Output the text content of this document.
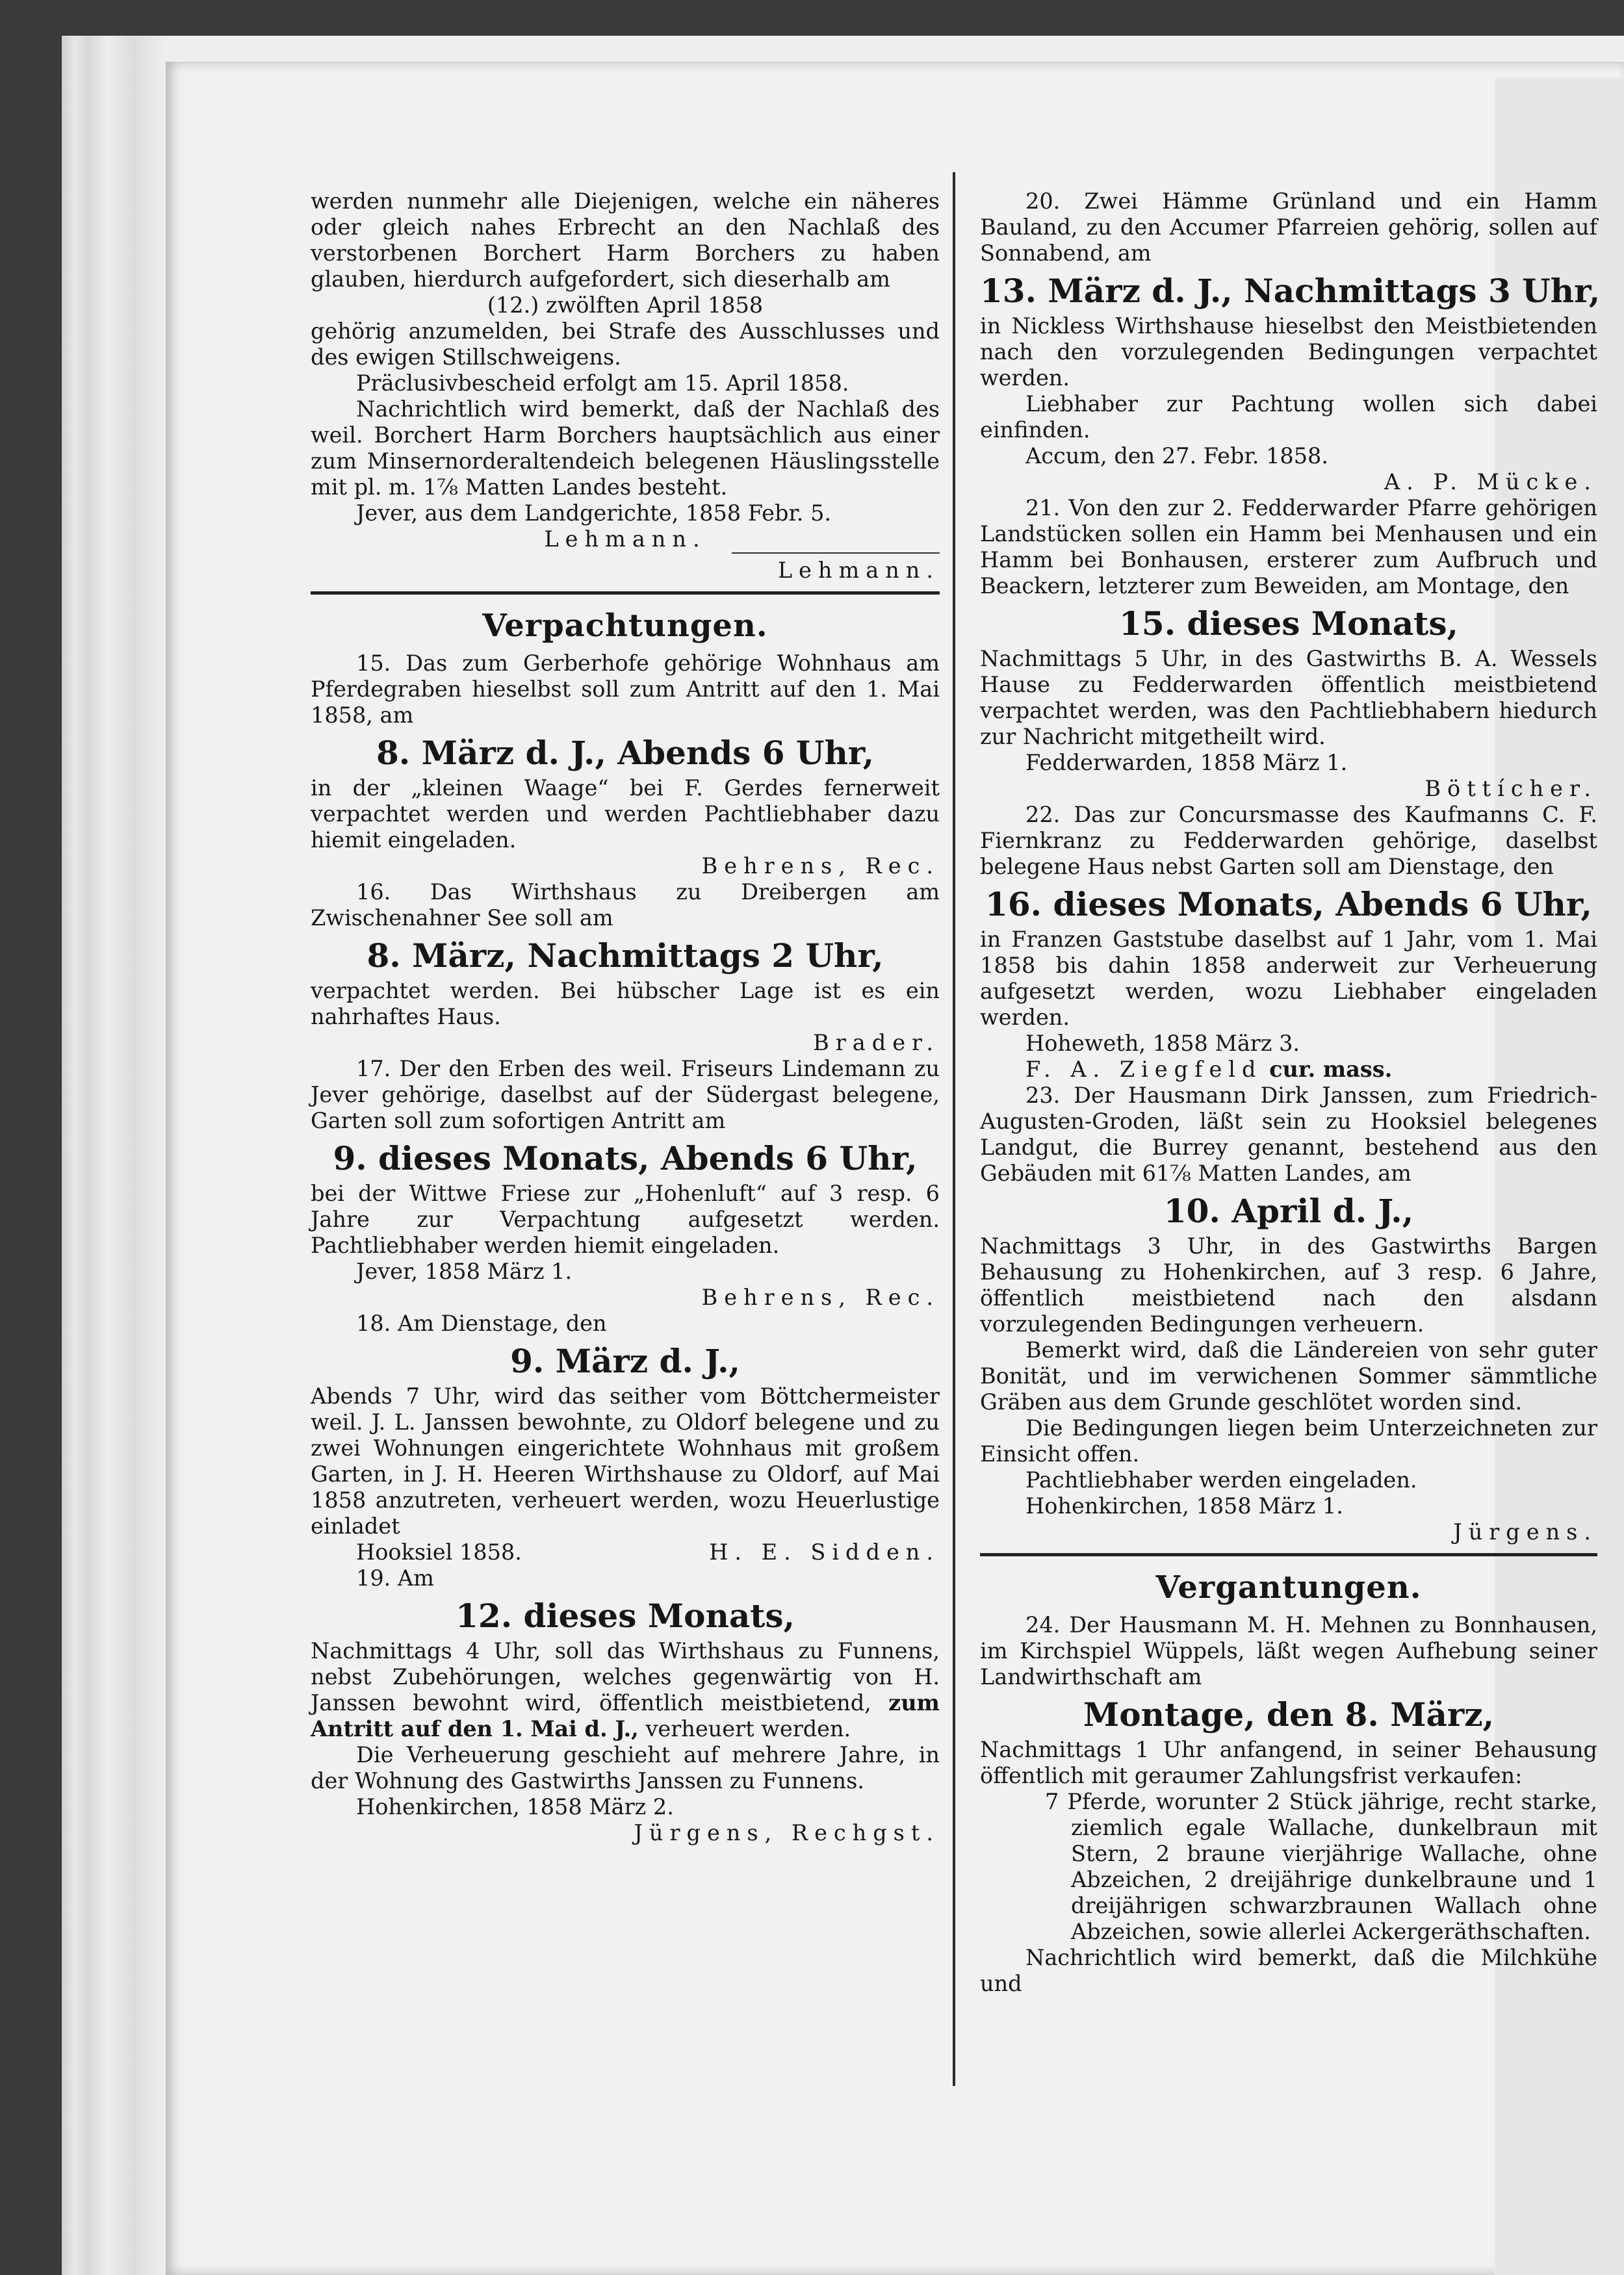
werden nunmehr alle Diejenigen, welche ein näheres oder gleich nahes Erbrecht an den Nachlaß des verstorbenen Borchert Harm Borchers zu haben glauben, hierdurch aufgefordert, sich dieserhalb am

(12.) zwölften April 1858

gehörig anzumelden, bei Strafe des Ausschlusses und des ewigen Stillschweigens.

Präclusivbescheid erfolgt am 15. April 1858.

Nachrichtlich wird bemerkt, daß der Nachlaß des weil. Borchert Harm Borchers hauptsächlich aus einer zum Minsernorderaltendeich belegenen Häuslingsstelle mit pl. m. 1⅞ Matten Landes besteht.

Jever, aus dem Landgerichte, 1858 Febr. 5.

Lehmann.

Lehmann.

Verpachtungen.

15. Das zum Gerberhofe gehörige Wohnhaus am Pferdegraben hieselbst soll zum Antritt auf den 1. Mai 1858, am

8. März d. J., Abends 6 Uhr,

in der „kleinen Waage“ bei F. Gerdes fernerweit verpachtet werden und werden Pachtliebhaber dazu hiemit eingeladen.

Behrens, Rec.

16. Das Wirthshaus zu Dreibergen am Zwischenahner See soll am

8. März, Nachmittags 2 Uhr,

verpachtet werden. Bei hübscher Lage ist es ein nahrhaftes Haus.

Brader.

17. Der den Erben des weil. Friseurs Lindemann zu Jever gehörige, daselbst auf der Südergast belegene, Garten soll zum sofortigen Antritt am

9. dieses Monats, Abends 6 Uhr,

bei der Wittwe Friese zur „Hohenluft“ auf 3 resp. 6 Jahre zur Verpachtung aufgesetzt werden. Pachtliebhaber werden hiemit eingeladen.

Jever, 1858 März 1.

Behrens, Rec.

18. Am Dienstage, den

9. März d. J.,

Abends 7 Uhr, wird das seither vom Böttchermeister weil. J. L. Janssen bewohnte, zu Oldorf belegene und zu zwei Wohnungen eingerichtete Wohnhaus mit großem Garten, in J. H. Heeren Wirthshause zu Oldorf, auf Mai 1858 anzutreten, verheuert werden, wozu Heuerlustige einladet

Hooksiel 1858.	H. E. Sidden.

19. Am

12. dieses Monats,

Nachmittags 4 Uhr, soll das Wirthshaus zu Funnens, nebst Zubehörungen, welches gegenwärtig von H. Janssen bewohnt wird, öffentlich meistbietend, zum Antritt auf den 1. Mai d. J., verheuert werden.

Die Verheuerung geschieht auf mehrere Jahre, in der Wohnung des Gastwirths Janssen zu Funnens.

Hohenkirchen, 1858 März 2.

Jürgens, Rechgst.

20. Zwei Hämme Grünland und ein Hamm Bauland, zu den Accumer Pfarreien gehörig, sollen auf Sonnabend, am

13. März d. J., Nachmittags 3 Uhr,

in Nickless Wirthshause hieselbst den Meistbietenden nach den vorzulegenden Bedingungen verpachtet werden.

Liebhaber zur Pachtung wollen sich dabei einfinden.

Accum, den 27. Febr. 1858.

A. P. Mücke.

21. Von den zur 2. Fedderwarder Pfarre gehörigen Landstücken sollen ein Hamm bei Menhausen und ein Hamm bei Bonhausen, ersterer zum Aufbruch und Beackern, letzterer zum Beweiden, am Montage, den

15. dieses Monats,

Nachmittags 5 Uhr, in des Gastwirths B. A. Wessels Hause zu Fedderwarden öffentlich meistbietend verpachtet werden, was den Pachtliebhabern hiedurch zur Nachricht mitgetheilt wird.

Fedderwarden, 1858 März 1.

Böttícher.

22. Das zur Concursmasse des Kaufmanns C. F. Fiernkranz zu Fedderwarden gehörige, daselbst belegene Haus nebst Garten soll am Dienstage, den

16. dieses Monats, Abends 6 Uhr,

in Franzen Gaststube daselbst auf 1 Jahr, vom 1. Mai 1858 bis dahin 1858 anderweit zur Verheuerung aufgesetzt werden, wozu Liebhaber eingeladen werden.

Hoheweth, 1858 März 3.

F. A. Ziegfeld cur. mass.

23. Der Hausmann Dirk Janssen, zum Friedrich-Augusten-Groden, läßt sein zu Hooksiel belegenes Landgut, die Burrey genannt, bestehend aus den Gebäuden mit 61⅞ Matten Landes, am

10. April d. J.,

Nachmittags 3 Uhr, in des Gastwirths Bargen Behausung zu Hohenkirchen, auf 3 resp. 6 Jahre, öffentlich meistbietend nach den alsdann vorzulegenden Bedingungen verheuern.

Bemerkt wird, daß die Ländereien von sehr guter Bonität, und im verwichenen Sommer sämmtliche Gräben aus dem Grunde geschlötet worden sind.

Die Bedingungen liegen beim Unterzeichneten zur Einsicht offen.

Pachtliebhaber werden eingeladen.

Hohenkirchen, 1858 März 1.

Jürgens.

Vergantungen.

24. Der Hausmann M. H. Mehnen zu Bonnhausen, im Kirchspiel Wüppels, läßt wegen Aufhebung seiner Landwirthschaft am

Montage, den 8. März,

Nachmittags 1 Uhr anfangend, in seiner Behausung öffentlich mit geraumer Zahlungsfrist verkaufen:

7 Pferde, worunter 2 Stück jährige, recht starke, ziemlich egale Wallache, dunkelbraun mit Stern, 2 braune vierjährige Wallache, ohne Abzeichen, 2 dreijährige dunkelbraune und 1 dreijährigen schwarzbraunen Wallach ohne Abzeichen, sowie allerlei Ackergeräthschaften.

Nachrichtlich wird bemerkt, daß die Milchkühe und
